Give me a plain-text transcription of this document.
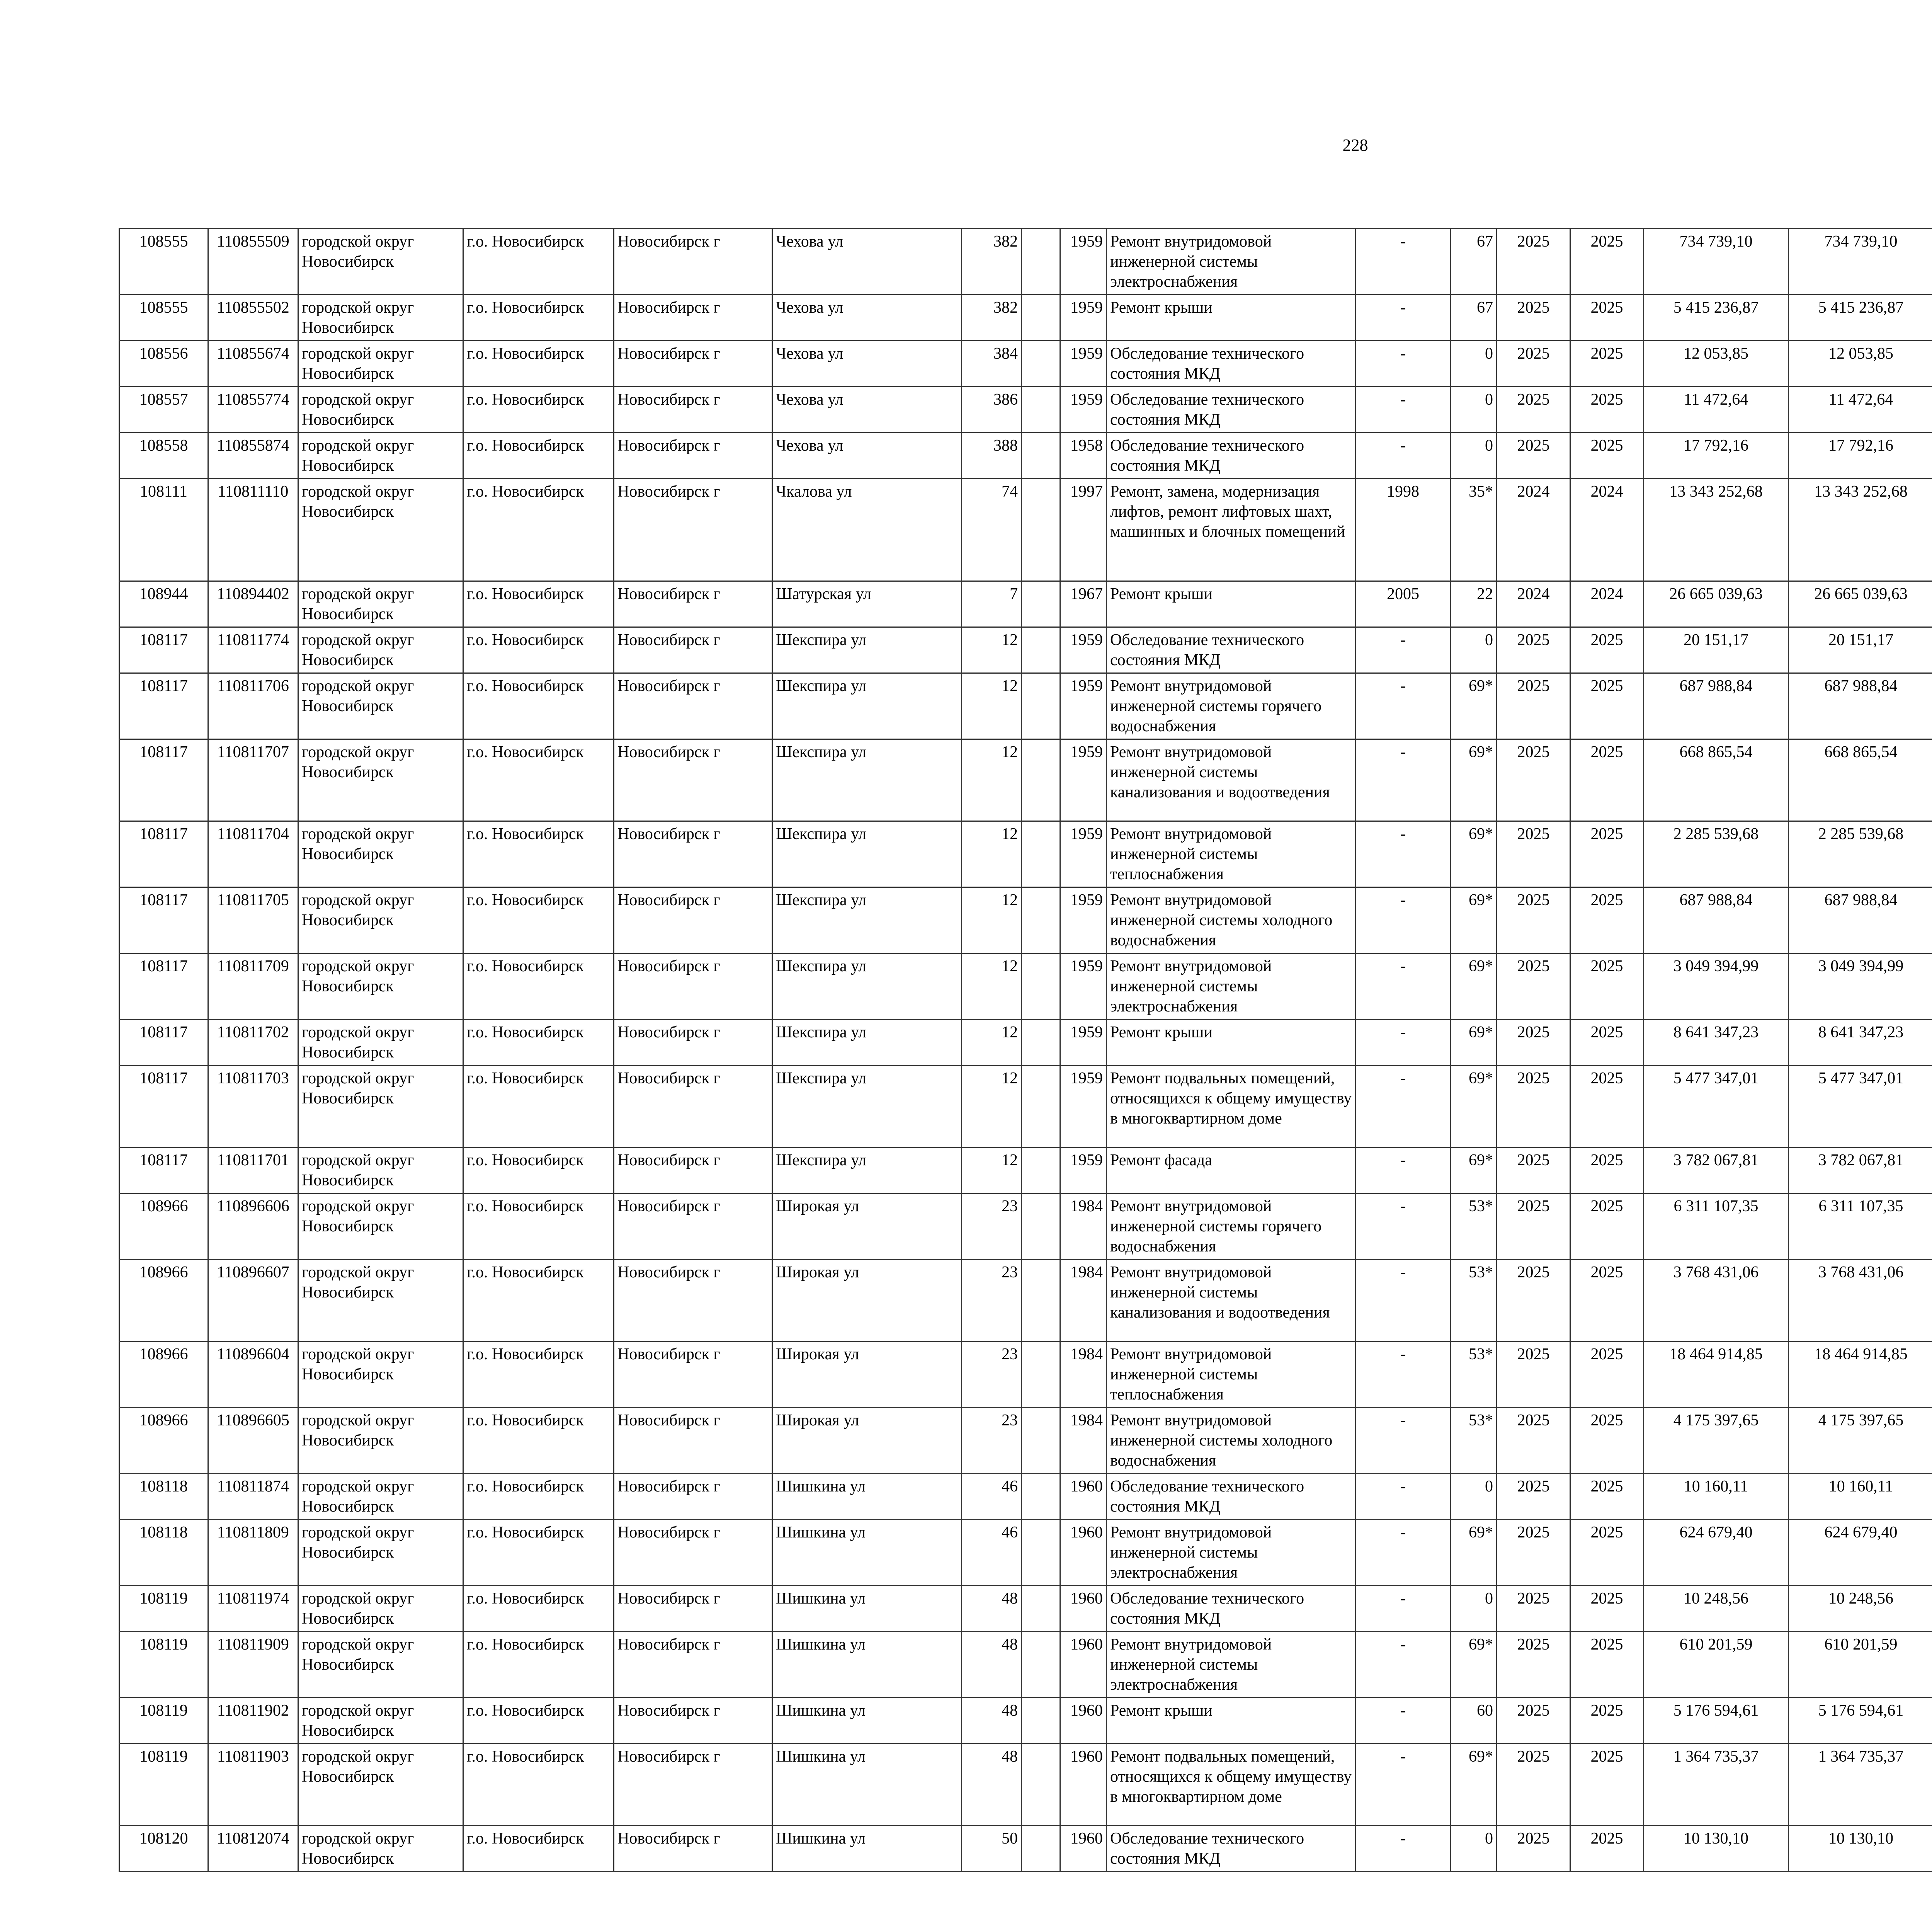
228
108555	110855509	городской округ Новосибирск	г.о. Новосибирск	Новосибирск г	Чехова ул	382		1959	Ремонт внутридомовой инженерной системы электроснабжения	-	67	2025	2025	734 739,10	734 739,10						
108555	110855502	городской округ Новосибирск	г.о. Новосибирск	Новосибирск г	Чехова ул	382		1959	Ремонт крыши	-	67	2025	2025	5 415 236,87	5 415 236,87						
108556	110855674	городской округ Новосибирск	г.о. Новосибирск	Новосибирск г	Чехова ул	384		1959	Обследование технического состояния МКД	-	0	2025	2025	12 053,85	12 053,85						
108557	110855774	городской округ Новосибирск	г.о. Новосибирск	Новосибирск г	Чехова ул	386		1959	Обследование технического состояния МКД	-	0	2025	2025	11 472,64	11 472,64						
108558	110855874	городской округ Новосибирск	г.о. Новосибирск	Новосибирск г	Чехова ул	388		1958	Обследование технического состояния МКД	-	0	2025	2025	17 792,16	17 792,16						
108111	110811110	городской округ Новосибирск	г.о. Новосибирск	Новосибирск г	Чкалова ул	74		1997	Ремонт, замена, модернизация лифтов, ремонт лифтовых шахт, машинных и блочных помещений	1998	35*	2024	2024	13 343 252,68	13 343 252,68						
108944	110894402	городской округ Новосибирск	г.о. Новосибирск	Новосибирск г	Шатурская ул	7		1967	Ремонт крыши	2005	22	2024	2024	26 665 039,63	26 665 039,63						
108117	110811774	городской округ Новосибирск	г.о. Новосибирск	Новосибирск г	Шекспира ул	12		1959	Обследование технического состояния МКД	-	0	2025	2025	20 151,17	20 151,17						
108117	110811706	городской округ Новосибирск	г.о. Новосибирск	Новосибирск г	Шекспира ул	12		1959	Ремонт внутридомовой инженерной системы горячего водоснабжения	-	69*	2025	2025	687 988,84	687 988,84						
108117	110811707	городской округ Новосибирск	г.о. Новосибирск	Новосибирск г	Шекспира ул	12		1959	Ремонт внутридомовой инженерной системы канализования и водоотведения	-	69*	2025	2025	668 865,54	668 865,54						
108117	110811704	городской округ Новосибирск	г.о. Новосибирск	Новосибирск г	Шекспира ул	12		1959	Ремонт внутридомовой инженерной системы теплоснабжения	-	69*	2025	2025	2 285 539,68	2 285 539,68						
108117	110811705	городской округ Новосибирск	г.о. Новосибирск	Новосибирск г	Шекспира ул	12		1959	Ремонт внутридомовой инженерной системы холодного водоснабжения	-	69*	2025	2025	687 988,84	687 988,84						
108117	110811709	городской округ Новосибирск	г.о. Новосибирск	Новосибирск г	Шекспира ул	12		1959	Ремонт внутридомовой инженерной системы электроснабжения	-	69*	2025	2025	3 049 394,99	3 049 394,99						
108117	110811702	городской округ Новосибирск	г.о. Новосибирск	Новосибирск г	Шекспира ул	12		1959	Ремонт крыши	-	69*	2025	2025	8 641 347,23	8 641 347,23						
108117	110811703	городской округ Новосибирск	г.о. Новосибирск	Новосибирск г	Шекспира ул	12		1959	Ремонт подвальных помещений, относящихся к общему имуществу в многоквартирном доме	-	69*	2025	2025	5 477 347,01	5 477 347,01						
108117	110811701	городской округ Новосибирск	г.о. Новосибирск	Новосибирск г	Шекспира ул	12		1959	Ремонт фасада	-	69*	2025	2025	3 782 067,81	3 782 067,81						
108966	110896606	городской округ Новосибирск	г.о. Новосибирск	Новосибирск г	Широкая ул	23		1984	Ремонт внутридомовой инженерной системы горячего водоснабжения	-	53*	2025	2025	6 311 107,35	6 311 107,35						
108966	110896607	городской округ Новосибирск	г.о. Новосибирск	Новосибирск г	Широкая ул	23		1984	Ремонт внутридомовой инженерной системы канализования и водоотведения	-	53*	2025	2025	3 768 431,06	3 768 431,06						
108966	110896604	городской округ Новосибирск	г.о. Новосибирск	Новосибирск г	Широкая ул	23		1984	Ремонт внутридомовой инженерной системы теплоснабжения	-	53*	2025	2025	18 464 914,85	18 464 914,85						
108966	110896605	городской округ Новосибирск	г.о. Новосибирск	Новосибирск г	Широкая ул	23		1984	Ремонт внутридомовой инженерной системы холодного водоснабжения	-	53*	2025	2025	4 175 397,65	4 175 397,65						
108118	110811874	городской округ Новосибирск	г.о. Новосибирск	Новосибирск г	Шишкина ул	46		1960	Обследование технического состояния МКД	-	0	2025	2025	10 160,11	10 160,11						
108118	110811809	городской округ Новосибирск	г.о. Новосибирск	Новосибирск г	Шишкина ул	46		1960	Ремонт внутридомовой инженерной системы электроснабжения	-	69*	2025	2025	624 679,40	624 679,40						
108119	110811974	городской округ Новосибирск	г.о. Новосибирск	Новосибирск г	Шишкина ул	48		1960	Обследование технического состояния МКД	-	0	2025	2025	10 248,56	10 248,56						
108119	110811909	городской округ Новосибирск	г.о. Новосибирск	Новосибирск г	Шишкина ул	48		1960	Ремонт внутридомовой инженерной системы электроснабжения	-	69*	2025	2025	610 201,59	610 201,59						
108119	110811902	городской округ Новосибирск	г.о. Новосибирск	Новосибирск г	Шишкина ул	48		1960	Ремонт крыши	-	60	2025	2025	5 176 594,61	5 176 594,61						
108119	110811903	городской округ Новосибирск	г.о. Новосибирск	Новосибирск г	Шишкина ул	48		1960	Ремонт подвальных помещений, относящихся к общему имуществу в многоквартирном доме	-	69*	2025	2025	1 364 735,37	1 364 735,37						
108120	110812074	городской округ Новосибирск	г.о. Новосибирск	Новосибирск г	Шишкина ул	50		1960	Обследование технического состояния МКД	-	0	2025	2025	10 130,10	10 130,10						
